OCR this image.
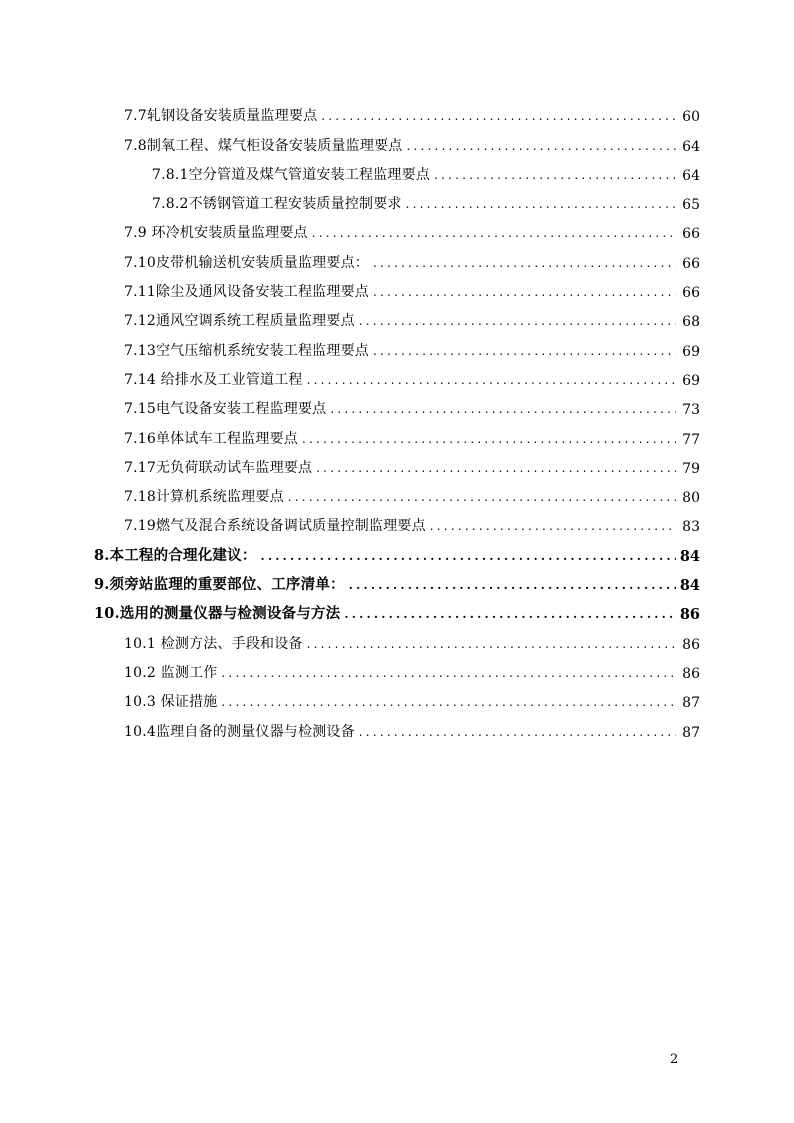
7.7轧钢设备安装质量监理要点 .....	60
7.8制氧工程、煤气柜设备安装质量监理要点 .....	64
7.8.1空分管道及煤气管道安装工程监理要点 .....	64
7.8.2不锈钢管道工程安装质量控制要求 .....	65
7.9 环冷机安装质量监理要点 .....	66
7.10皮带机输送机安装质量监理要点： .....	66
7.11除尘及通风设备安装工程监理要点 .....	66
7.12通风空调系统工程质量监理要点 .....	68
7.13空气压缩机系统安装工程监理要点 .....	69
7.14 给排水及工业管道工程 .....	69
7.15电气设备安装工程监理要点 .....	73
7.16单体试车工程监理要点 .....	77
7.17无负荷联动试车监理要点 .....	79
7.18计算机系统监理要点 .....	80
7.19燃气及混合系统设备调试质量控制监理要点 .....	83
8.本工程的合理化建议： .....	84
9.须旁站监理的重要部位、工序清单： .....	84
10.选用的测量仪器与检测设备与方法 .....	86
10.1 检测方法、手段和设备 .....	86
10.2 监测工作 .....	86
10.3 保证措施 .....	87
10.4监理自备的测量仪器与检测设备 .....	87
2
